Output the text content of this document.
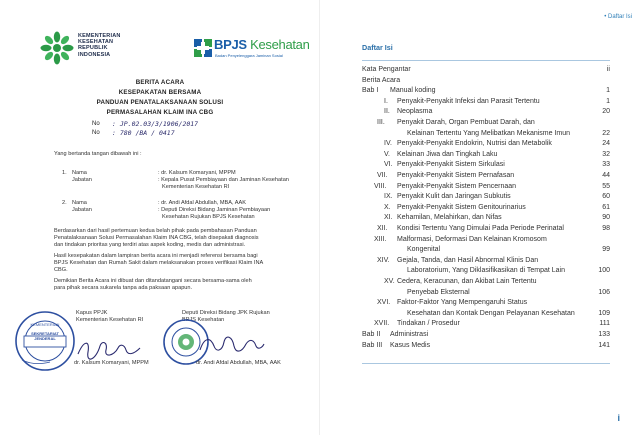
KEMENTERIAN
KESEHATAN
REPUBLIK
INDONESIA
BPJS Kesehatan
Badan Penyelenggara Jaminan Sosial
BERITA ACARA
KESEPAKATAN BERSAMA
PANDUAN PENATALAKSANAAN SOLUSI
PERMASALAHAN KLAIM INA CBG
No : JP.02.03/3/1906/2017
No : 780 /BA / 0417
Yang bertanda tangan dibawah ini :
1. Nama	: dr. Kalsum Komaryani, MPPM
Jabatan	: Kepala Pusat Pembiayaan dan Jaminan Kesehatan
Kementerian Kesehatan RI
2. Nama	: dr. Andi Afdal Abdullah, MBA, AAK
Jabatan	: Deputi Direksi Bidang Jaminan Pembiayaan
Kesehatan Rujukan BPJS Kesehatan
Berdasarkan dari hasil pertemuan kedua belah pihak pada pembahasan Panduan
Penatalaksanaan Solusi Permasalahan Klaim INA CBG, telah disepakati diagnosis
dan tindakan prioritas yang terdiri atas aspek koding, medis dan administrasi.
Hasil kesepakatan dalam lampiran berita acara ini menjadi referensi bersama bagi
BPJS Kesehatan dan Rumah Sakit dalam melaksanakan proses verifikasi Klaim INA
CBG.
Demikian Berita Acara ini dibuat dan ditandatangani secara bersama-sama oleh
para pihak secara sukarela tanpa ada paksaan apapun.
Kapus PPJK
Kementerian Kesehatan RI
KEMENTERIAN
SEKRETARIAT
JENDERAL
dr. Kalsum Komaryani, MPPM
Deputi Direksi Bidang JPK Rujukan
BPJS Kesehatan
dr. Andi Afdal Abdullah, MBA, AAK
• Daftar Isi
Daftar Isi
Kata Pengantar	ii
Berita Acara
Bab I Manual koding	1
I. Penyakit-Penyakit Infeksi dan Parasit Tertentu	1
II. Neoplasma	20
III. Penyakit Darah, Organ Pembuat Darah, dan
Kelainan Tertentu Yang Melibatkan Mekanisme Imun	22
IV. Penyakit-Penyakit Endokrin, Nutrisi dan Metabolik	24
V. Kelainan Jiwa dan Tingkah Laku	32
VI. Penyakit-Penyakit Sistem Sirkulasi	33
VII. Penyakit-Penyakit Sistem Pernafasan	44
VIII. Penyakit-Penyakit Sistem Pencernaan	55
IX. Penyakit Kulit dan Jaringan Subkutis	60
X. Penyakit-Penyakit Sistem Genitourinarius	61
XI. Kehamilan, Melahirkan, dan Nifas	90
XII. Kondisi Tertentu Yang Dimulai Pada Periode Perinatal	98
XIII. Malformasi, Deformasi Dan Kelainan Kromosom
Kongenital	99
XIV. Gejala, Tanda, dan Hasil Abnormal Klinis Dan
Laboratorium, Yang Diklasifikasikan di Tempat Lain	100
XV. Cedera, Keracunan, dan Akibat Lain Tertentu
Penyebab Eksternal	106
XVI. Faktor-Faktor Yang Mempengaruhi Status
Kesehatan dan Kontak Dengan Pelayanan Kesehatan	109
XVII. Tindakan / Prosedur	111
Bab II Administrasi	133
Bab III Kasus Medis	141
i
